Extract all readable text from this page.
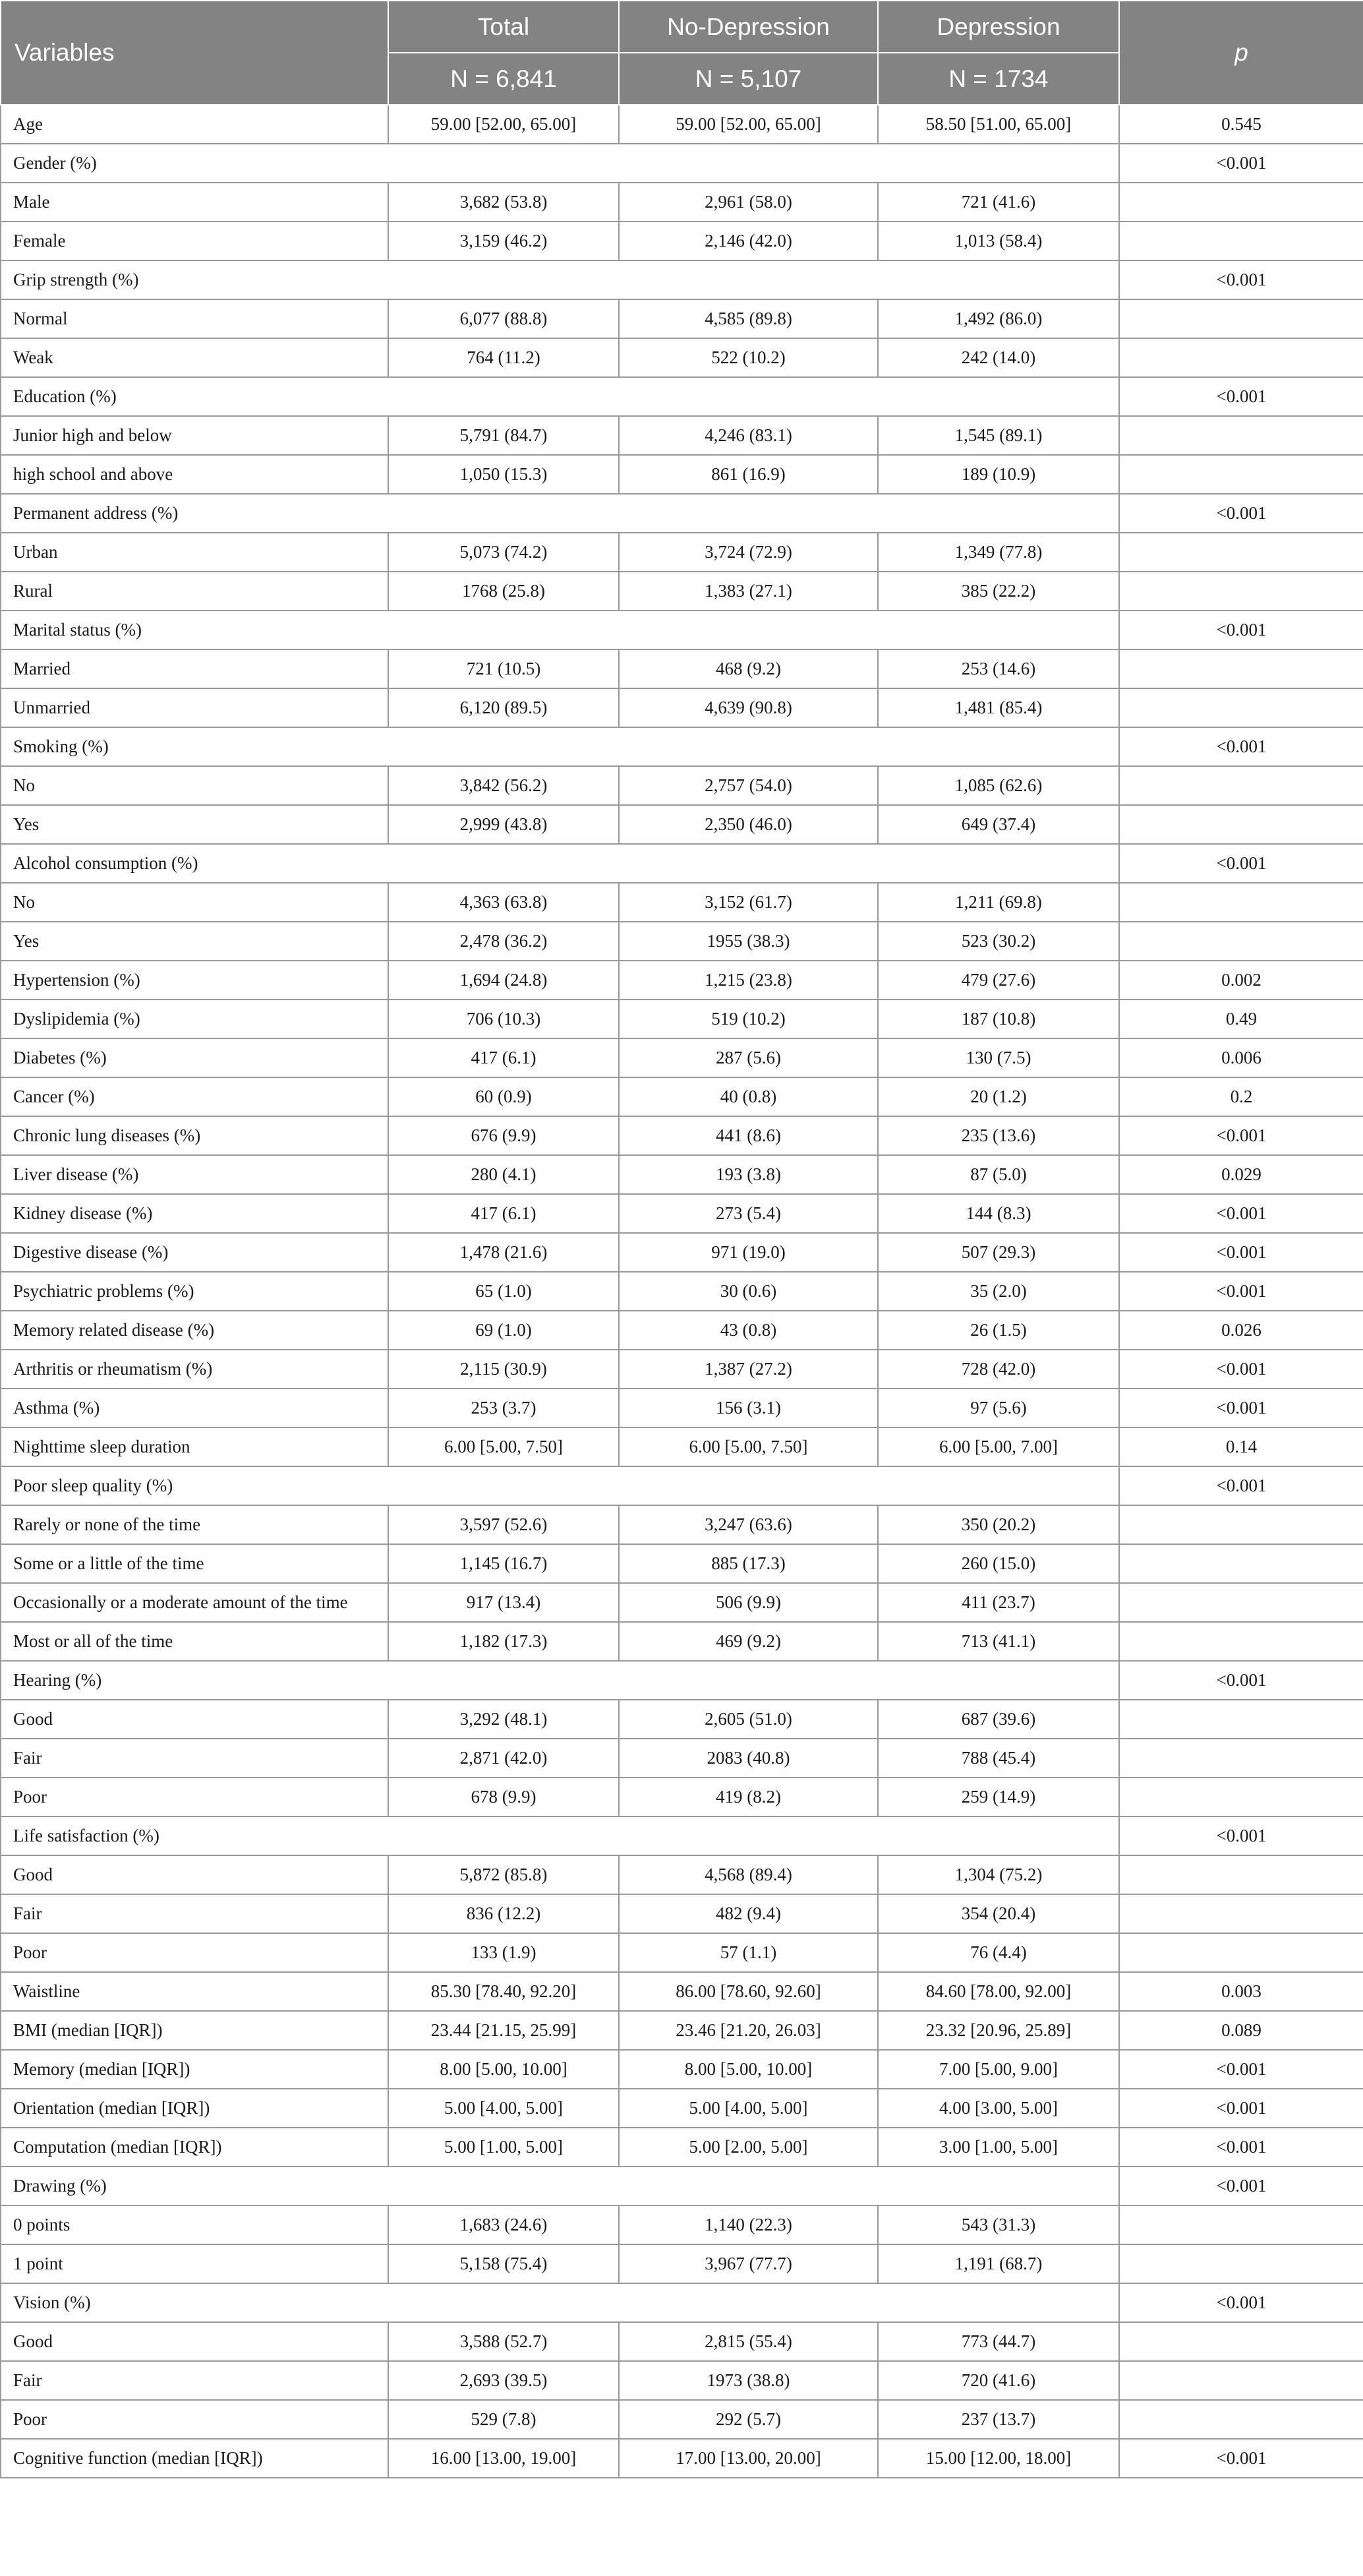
Variables	Total	No-Depression	Depression	p
	N = 6,841	N = 5,107	N = 1734	
Age	59.00 [52.00, 65.00]	59.00 [52.00, 65.00]	58.50 [51.00, 65.00]	0.545
Gender (%)				<0.001
Male	3,682 (53.8)	2,961 (58.0)	721 (41.6)	
Female	3,159 (46.2)	2,146 (42.0)	1,013 (58.4)	
Grip strength (%)				<0.001
Normal	6,077 (88.8)	4,585 (89.8)	1,492 (86.0)	
Weak	764 (11.2)	522 (10.2)	242 (14.0)	
Education (%)				<0.001
Junior high and below	5,791 (84.7)	4,246 (83.1)	1,545 (89.1)	
high school and above	1,050 (15.3)	861 (16.9)	189 (10.9)	
Permanent address (%)				<0.001
Urban	5,073 (74.2)	3,724 (72.9)	1,349 (77.8)	
Rural	1768 (25.8)	1,383 (27.1)	385 (22.2)	
Marital status (%)				<0.001
Married	721 (10.5)	468 (9.2)	253 (14.6)	
Unmarried	6,120 (89.5)	4,639 (90.8)	1,481 (85.4)	
Smoking (%)				<0.001
No	3,842 (56.2)	2,757 (54.0)	1,085 (62.6)	
Yes	2,999 (43.8)	2,350 (46.0)	649 (37.4)	
Alcohol consumption (%)				<0.001
No	4,363 (63.8)	3,152 (61.7)	1,211 (69.8)	
Yes	2,478 (36.2)	1955 (38.3)	523 (30.2)	
Hypertension (%)	1,694 (24.8)	1,215 (23.8)	479 (27.6)	0.002
Dyslipidemia (%)	706 (10.3)	519 (10.2)	187 (10.8)	0.49
Diabetes (%)	417 (6.1)	287 (5.6)	130 (7.5)	0.006
Cancer (%)	60 (0.9)	40 (0.8)	20 (1.2)	0.2
Chronic lung diseases (%)	676 (9.9)	441 (8.6)	235 (13.6)	<0.001
Liver disease (%)	280 (4.1)	193 (3.8)	87 (5.0)	0.029
Kidney disease (%)	417 (6.1)	273 (5.4)	144 (8.3)	<0.001
Digestive disease (%)	1,478 (21.6)	971 (19.0)	507 (29.3)	<0.001
Psychiatric problems (%)	65 (1.0)	30 (0.6)	35 (2.0)	<0.001
Memory related disease (%)	69 (1.0)	43 (0.8)	26 (1.5)	0.026
Arthritis or rheumatism (%)	2,115 (30.9)	1,387 (27.2)	728 (42.0)	<0.001
Asthma (%)	253 (3.7)	156 (3.1)	97 (5.6)	<0.001
Nighttime sleep duration	6.00 [5.00, 7.50]	6.00 [5.00, 7.50]	6.00 [5.00, 7.00]	0.14
Poor sleep quality (%)				<0.001
Rarely or none of the time	3,597 (52.6)	3,247 (63.6)	350 (20.2)	
Some or a little of the time	1,145 (16.7)	885 (17.3)	260 (15.0)	
Occasionally or a moderate amount of the time	917 (13.4)	506 (9.9)	411 (23.7)	
Most or all of the time	1,182 (17.3)	469 (9.2)	713 (41.1)	
Hearing (%)				<0.001
Good	3,292 (48.1)	2,605 (51.0)	687 (39.6)	
Fair	2,871 (42.0)	2083 (40.8)	788 (45.4)	
Poor	678 (9.9)	419 (8.2)	259 (14.9)	
Life satisfaction (%)				<0.001
Good	5,872 (85.8)	4,568 (89.4)	1,304 (75.2)	
Fair	836 (12.2)	482 (9.4)	354 (20.4)	
Poor	133 (1.9)	57 (1.1)	76 (4.4)	
Waistline	85.30 [78.40, 92.20]	86.00 [78.60, 92.60]	84.60 [78.00, 92.00]	0.003
BMI (median [IQR])	23.44 [21.15, 25.99]	23.46 [21.20, 26.03]	23.32 [20.96, 25.89]	0.089
Memory (median [IQR])	8.00 [5.00, 10.00]	8.00 [5.00, 10.00]	7.00 [5.00, 9.00]	<0.001
Orientation (median [IQR])	5.00 [4.00, 5.00]	5.00 [4.00, 5.00]	4.00 [3.00, 5.00]	<0.001
Computation (median [IQR])	5.00 [1.00, 5.00]	5.00 [2.00, 5.00]	3.00 [1.00, 5.00]	<0.001
Drawing (%)				<0.001
0 points	1,683 (24.6)	1,140 (22.3)	543 (31.3)	
1 point	5,158 (75.4)	3,967 (77.7)	1,191 (68.7)	
Vision (%)				<0.001
Good	3,588 (52.7)	2,815 (55.4)	773 (44.7)	
Fair	2,693 (39.5)	1973 (38.8)	720 (41.6)	
Poor	529 (7.8)	292 (5.7)	237 (13.7)	
Cognitive function (median [IQR])	16.00 [13.00, 19.00]	17.00 [13.00, 20.00]	15.00 [12.00, 18.00]	<0.001
